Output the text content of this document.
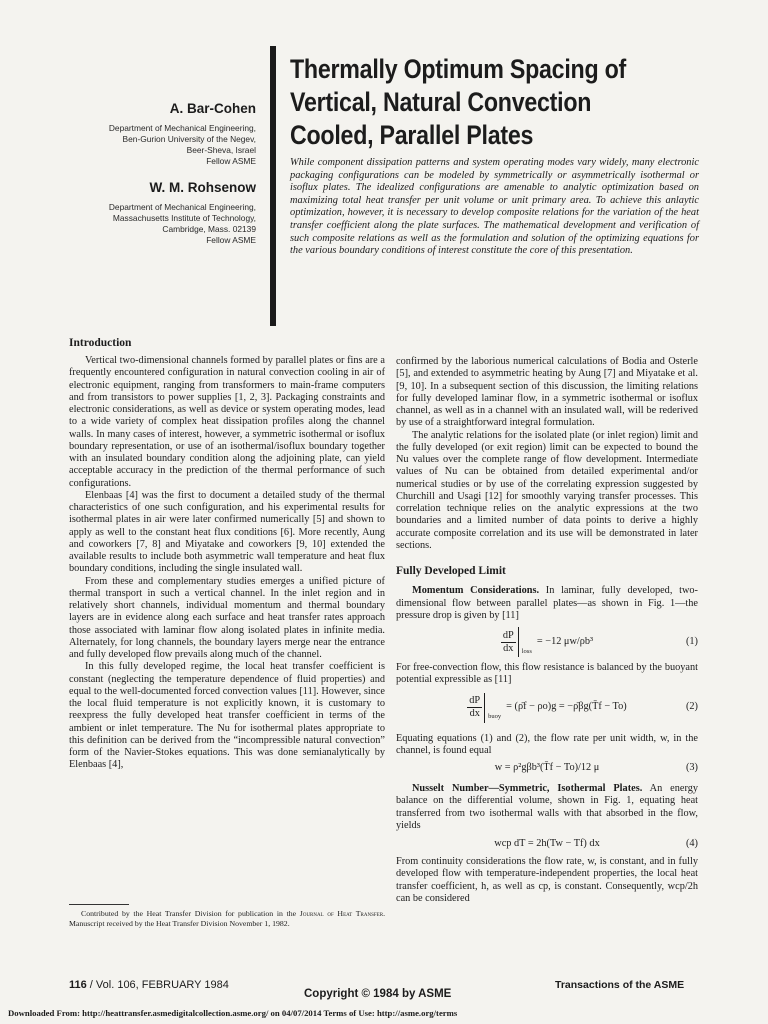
A. Bar-Cohen
Department of Mechanical Engineering,
Ben-Gurion University of the Negev,
Beer-Sheva, Israel
Fellow ASME
W. M. Rohsenow
Department of Mechanical Engineering,
Massachusetts Institute of Technology,
Cambridge, Mass. 02139
Fellow ASME
Thermally Optimum Spacing of
Vertical, Natural Convection
Cooled, Parallel Plates
While component dissipation patterns and system operating modes vary widely, many electronic packaging configurations can be modeled by symmetrically or asymmetrically isothermal or isoflux plates. The idealized configurations are amenable to analytic optimization based on maximizing total heat transfer per unit volume or unit primary area. To achieve this anlaytic optimization, however, it is necessary to develop composite relations for the variation of the heat transfer coefficient along the plate surfaces. The mathematical development and verification of such composite relations as well as the formulation and solution of the optimizing equations for the various boundary conditions of interest constitute the core of this presentation.
Introduction

Vertical two-dimensional channels formed by parallel plates or fins are a frequently encountered configuration in natural convection cooling in air of electronic equipment, ranging from transformers to main-frame computers and from transistors to power supplies [1, 2, 3]. Packaging constraints and electronic considerations, as well as device or system operating modes, lead to a wide variety of complex heat dissipation profiles along the channel walls. In many cases of interest, however, a symmetric isothermal or isoflux boundary representation, or use of an isothermal/isoflux boundary together with an insulated boundary condition along the adjoining plate, can yield acceptable accuracy in the prediction of the thermal performance of such configurations.

Elenbaas [4] was the first to document a detailed study of the thermal characteristics of one such configuration, and his experimental results for isothermal plates in air were later confirmed numerically [5] and shown to apply as well to the constant heat flux conditions [6]. More recently, Aung and coworkers [7, 8] and Miyatake and coworkers [9, 10] extended the available results to include both asymmetric wall temperature and heat flux boundary conditions, including the single insulated wall.

From these and complementary studies emerges a unified picture of thermal transport in such a vertical channel. In the inlet region and in relatively short channels, individual momentum and thermal boundary layers are in evidence along each surface and heat transfer rates approach those associated with laminar flow along isolated plates in infinite media. Alternately, for long channels, the boundary layers merge near the entrance and fully developed flow prevails along much of the channel.

In this fully developed regime, the local heat transfer coefficient is constant (neglecting the temperature dependence of fluid properties) and equal to the well-documented forced convection values [11]. However, since the local fluid temperature is not explicitly known, it is customary to reexpress the fully developed heat transfer coefficient in terms of the ambient or inlet temperature. The Nu for isothermal plates appropriate to this definition can be derived from the “incompressible natural convection” form of the Navier-Stokes equations. This was done semianalytically by Elenbaas [4],

Contributed by the Heat Transfer Division for publication in the Journal of Heat Transfer. Manuscript received by the Heat Transfer Division November 1, 1982.

confirmed by the laborious numerical calculations of Bodia and Osterle [5], and extended to asymmetric heating by Aung [7] and Miyatake et al. [9, 10]. In a subsequent section of this discussion, the limiting relations for fully developed laminar flow, in a symmetric isothermal or isoflux channel, as well as in a channel with an insulated wall, will be rederived by use of a straightforward integral formulation.

The analytic relations for the isolated plate (or inlet region) limit and the fully developed (or exit region) limit can be expected to bound the Nu values over the complete range of flow development. Intermediate values of Nu can be obtained from detailed experimental and/or numerical studies or by use of the correlating expression suggested by Churchill and Usagi [12] for smoothly varying transfer processes. This correlation technique relies on the analytic expressions at the two boundaries and a limited number of data points to derive a highly accurate composite correlation and its use will be demonstrated in later sections.

Fully Developed Limit

Momentum Considerations. In laminar, fully developed, two-dimensional flow between parallel plates—as shown in Fig. 1—the pressure drop is given by [11]

$\frac{dP}{dx}$ loss
= −12 μw/ρb³	(1)

For free-convection flow, this flow resistance is balanced by the buoyant potential expressible as [11]

$\frac{dP}{dx}$ buoy
= (ρ̄f − ρo)g = −ρ̄βg(T̄f − To)	(2)

Equating equations (1) and (2), the flow rate per unit width, w, in the channel, is found equal

w = ρ²gβb³(T̄f − To)/12 μ	(3)

Nusselt Number—Symmetric, Isothermal Plates. An energy balance on the differential volume, shown in Fig. 1, equating heat transferred from two isothermal walls with that absorbed in the flow, yields

wcp dT = 2h(Tw − Tf) dx	(4)

From continuity considerations the flow rate, w, is constant, and in fully developed flow with temperature-independent properties, the local heat transfer coefficient, h, as well as cp, is constant. Consequently, wcp/2h can be considered

116 / Vol. 106, FEBRUARY 1984
Copyright © 1984 by ASME
Transactions of the ASME
Downloaded From: http://heattransfer.asmedigitalcollection.asme.org/ on 04/07/2014 Terms of Use: http://asme.org/terms
